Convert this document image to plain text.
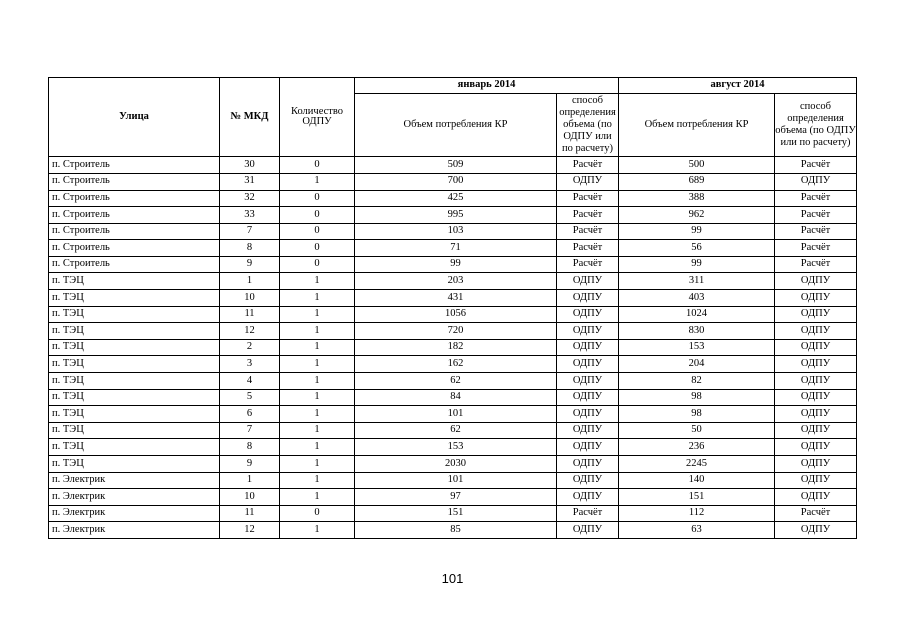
Улица	№ МКД	Количество ОДПУ	январь 2014		август 2014	
			Объем потребления КР	способ определения объема (по ОДПУ или по расчету)	Объем потребления КР	способ определения объема (по ОДПУ или по расчету)
п. Строитель	30	0	509	Расчёт	500	Расчёт
п. Строитель	31	1	700	ОДПУ	689	ОДПУ
п. Строитель	32	0	425	Расчёт	388	Расчёт
п. Строитель	33	0	995	Расчёт	962	Расчёт
п. Строитель	7	0	103	Расчёт	99	Расчёт
п. Строитель	8	0	71	Расчёт	56	Расчёт
п. Строитель	9	0	99	Расчёт	99	Расчёт
п. ТЭЦ	1	1	203	ОДПУ	311	ОДПУ
п. ТЭЦ	10	1	431	ОДПУ	403	ОДПУ
п. ТЭЦ	11	1	1056	ОДПУ	1024	ОДПУ
п. ТЭЦ	12	1	720	ОДПУ	830	ОДПУ
п. ТЭЦ	2	1	182	ОДПУ	153	ОДПУ
п. ТЭЦ	3	1	162	ОДПУ	204	ОДПУ
п. ТЭЦ	4	1	62	ОДПУ	82	ОДПУ
п. ТЭЦ	5	1	84	ОДПУ	98	ОДПУ
п. ТЭЦ	6	1	101	ОДПУ	98	ОДПУ
п. ТЭЦ	7	1	62	ОДПУ	50	ОДПУ
п. ТЭЦ	8	1	153	ОДПУ	236	ОДПУ
п. ТЭЦ	9	1	2030	ОДПУ	2245	ОДПУ
п. Электрик	1	1	101	ОДПУ	140	ОДПУ
п. Электрик	10	1	97	ОДПУ	151	ОДПУ
п. Электрик	11	0	151	Расчёт	112	Расчёт
п. Электрик	12	1	85	ОДПУ	63	ОДПУ
101
